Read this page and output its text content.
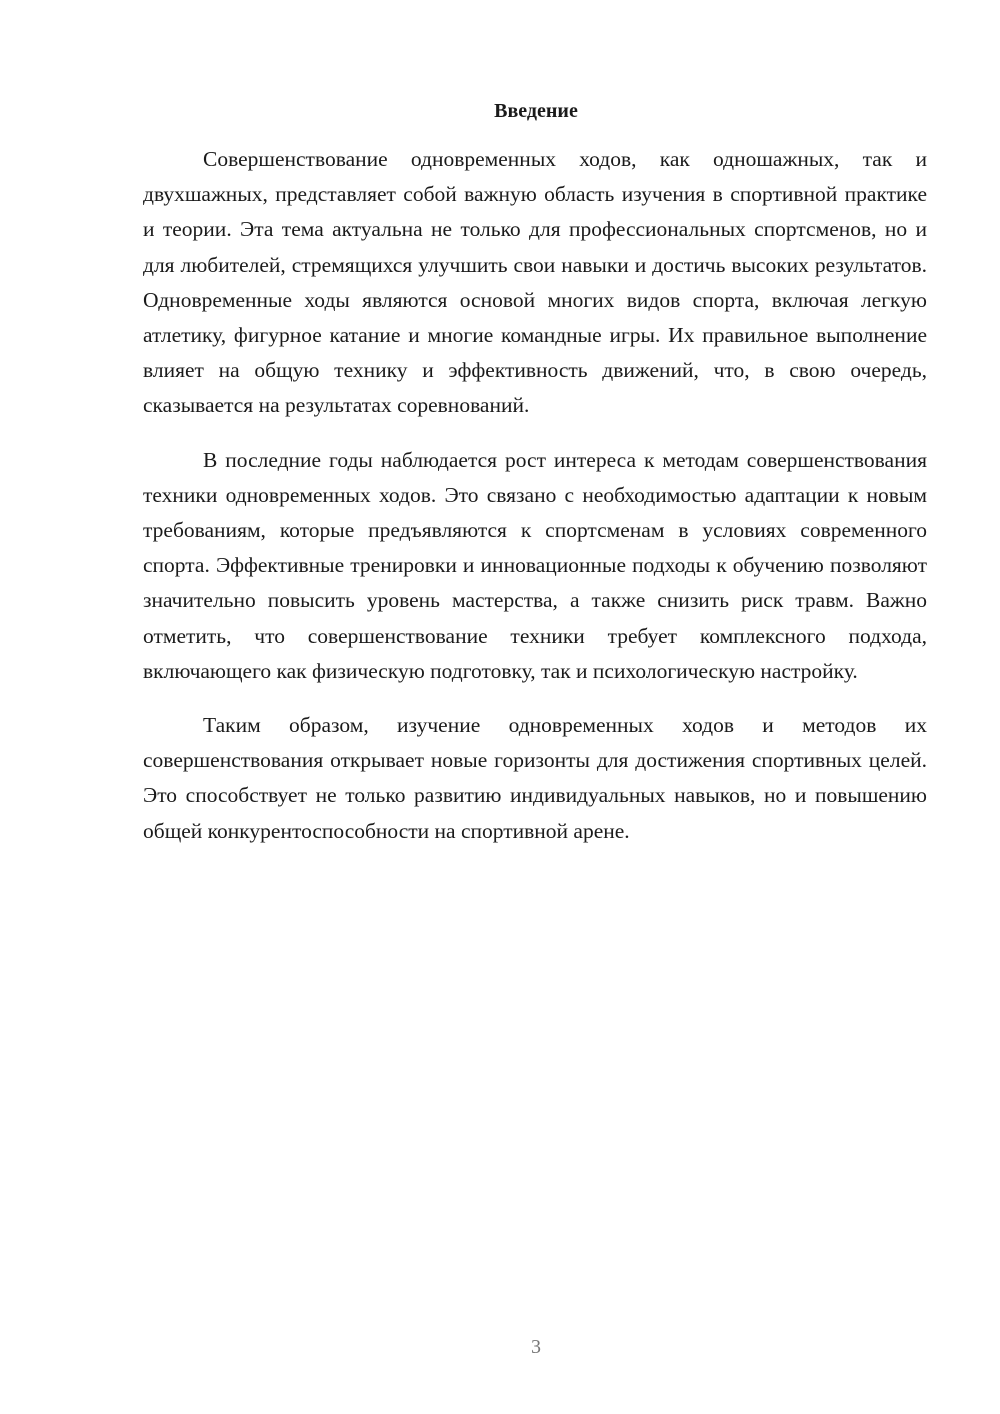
Введение

Совершенствование одновременных ходов, как одношажных, так и двухшажных, представляет собой важную область изучения в спортивной практике и теории. Эта тема актуальна не только для профессиональных спортсменов, но и для любителей, стремящихся улучшить свои навыки и достичь высоких результатов. Одновременные ходы являются основой многих видов спорта, включая легкую атлетику, фигурное катание и многие командные игры. Их правильное выполнение влияет на общую технику и эффективность движений, что, в свою очередь, сказывается на результатах соревнований.

В последние годы наблюдается рост интереса к методам совершенствования техники одновременных ходов. Это связано с необходимостью адаптации к новым требованиям, которые предъявляются к спортсменам в условиях современного спорта. Эффективные тренировки и инновационные подходы к обучению позволяют значительно повысить уровень мастерства, а также снизить риск травм. Важно отметить, что совершенствование техники требует комплексного подхода, включающего как физическую подготовку, так и психологическую настройку.

Таким образом, изучение одновременных ходов и методов их совершенствования открывает новые горизонты для достижения спортивных целей. Это способствует не только развитию индивидуальных навыков, но и повышению общей конкурентоспособности на спортивной арене.

3
